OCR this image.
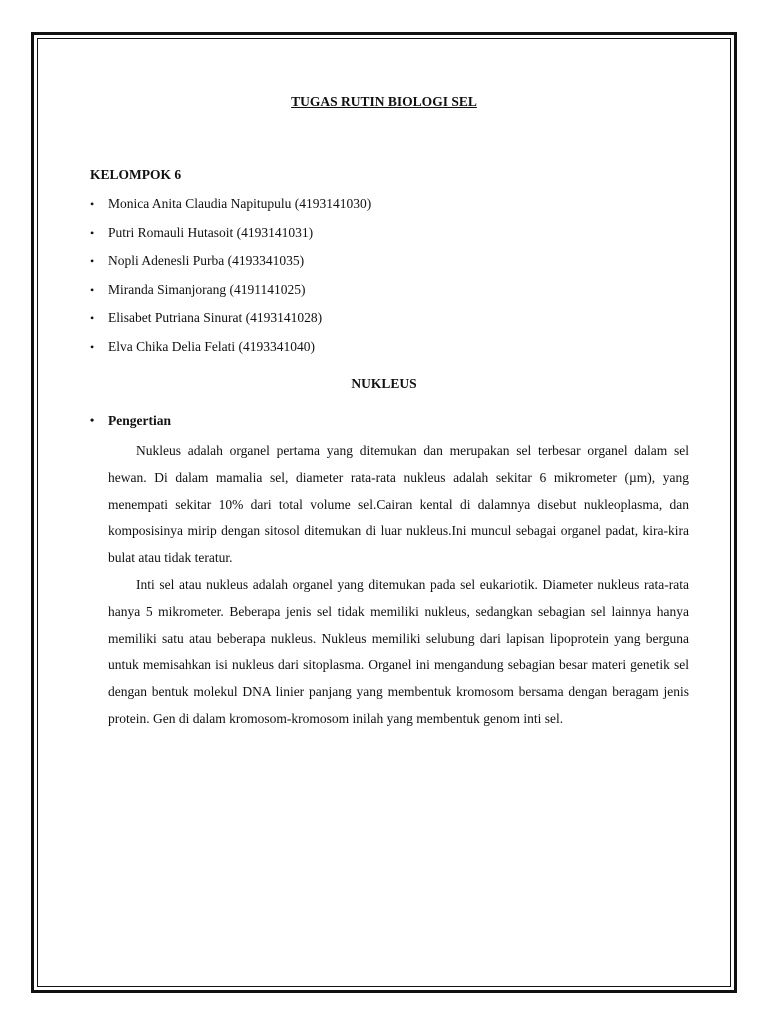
TUGAS RUTIN BIOLOGI SEL
KELOMPOK 6
• Monica Anita Claudia Napitupulu (4193141030)
• Putri Romauli Hutasoit (4193141031)
• Nopli Adenesli Purba (4193341035)
• Miranda Simanjorang (4191141025)
• Elisabet Putriana Sinurat (4193141028)
• Elva Chika Delia Felati (4193341040)
NUKLEUS
• Pengertian

Nukleus adalah organel pertama yang ditemukan dan merupakan sel terbesar organel dalam sel hewan. Di dalam mamalia sel, diameter rata-rata nukleus adalah sekitar 6 mikrometer (µm), yang menempati sekitar 10% dari total volume sel.Cairan kental di dalamnya disebut nukleoplasma, dan komposisinya mirip dengan sitosol ditemukan di luar nukleus.Ini muncul sebagai organel padat, kira-kira bulat atau tidak teratur.

Inti sel atau nukleus adalah organel yang ditemukan pada sel eukariotik. Diameter nukleus rata-rata hanya 5 mikrometer. Beberapa jenis sel tidak memiliki nukleus, sedangkan sebagian sel lainnya hanya memiliki satu atau beberapa nukleus. Nukleus memiliki selubung dari lapisan lipoprotein yang berguna untuk memisahkan isi nukleus dari sitoplasma. Organel ini mengandung sebagian besar materi genetik sel dengan bentuk molekul DNA linier panjang yang membentuk kromosom bersama dengan beragam jenis protein. Gen di dalam kromosom-kromosom inilah yang membentuk genom inti sel.
